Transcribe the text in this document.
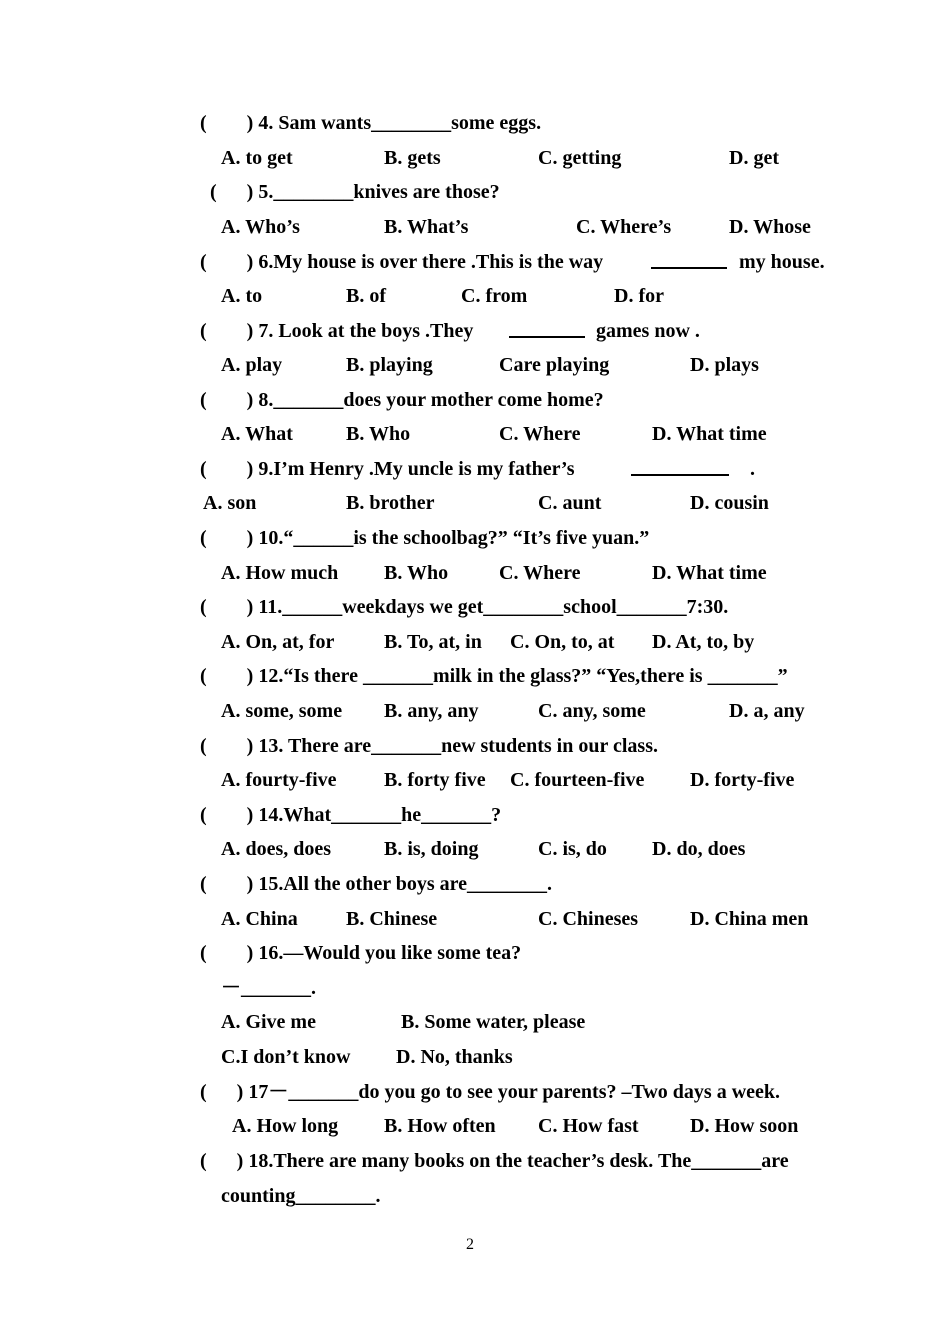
(        ) 4. Sam wants________some eggs.

A. to get

	B. gets

	C. getting

	D. get

(      ) 5.________knives are those?

A. Who’s

	B. What’s

	C. Where’s

	D. Whose

(        ) 6.My house is over there .This is the way

	my house.

A. to

	B. of

	C. from

	D. for

(        ) 7. Look at the boys .They

	games now .

A. play

	B. playing

	Care playing

	D. plays

(        ) 8._______does your mother come home?

A. What

	B. Who

	C. Where

	D. What time

(        ) 9.I’m Henry .My uncle is my father’s

	.

A. son

	B. brother

	C. aunt

	D. cousin

(        ) 10.“______is the schoolbag?” “It’s five yuan.”

A. How much

B. Who

	C. Where

	D. What time

(        ) 11.______weekdays we get________school_______7:30.

A. On, at, for

B. To, at, in

C. On, to, at

D. At, to, by

(        ) 12.“Is there _______milk in the glass?” “Yes,there is _______”

A. some, some

B. any, any

	C. any, some

	D. a, any

(        ) 13. There are_______new students in our class.

A. fourty-five

B. forty five

C. fourteen-five

D. forty-five

(        ) 14.What_______he_______?

A. does, does

	B. is, doing

	C. is, do

D. do, does

(        ) 15.All the other boys are________.

A. China

B. Chinese

	C. Chineses

	D. China men

(        ) 16.—Would you like some tea?
－_______.

A. Give me

	B. Some water, please

C.I don’t know

D. No, thanks

(      ) 17－_______do you go to see your parents? –Two days a week.

A. How long

B. How often

C. How fast

	D. How soon

(      ) 18.There are many books on the teacher’s desk. The_______are
counting________.
2
